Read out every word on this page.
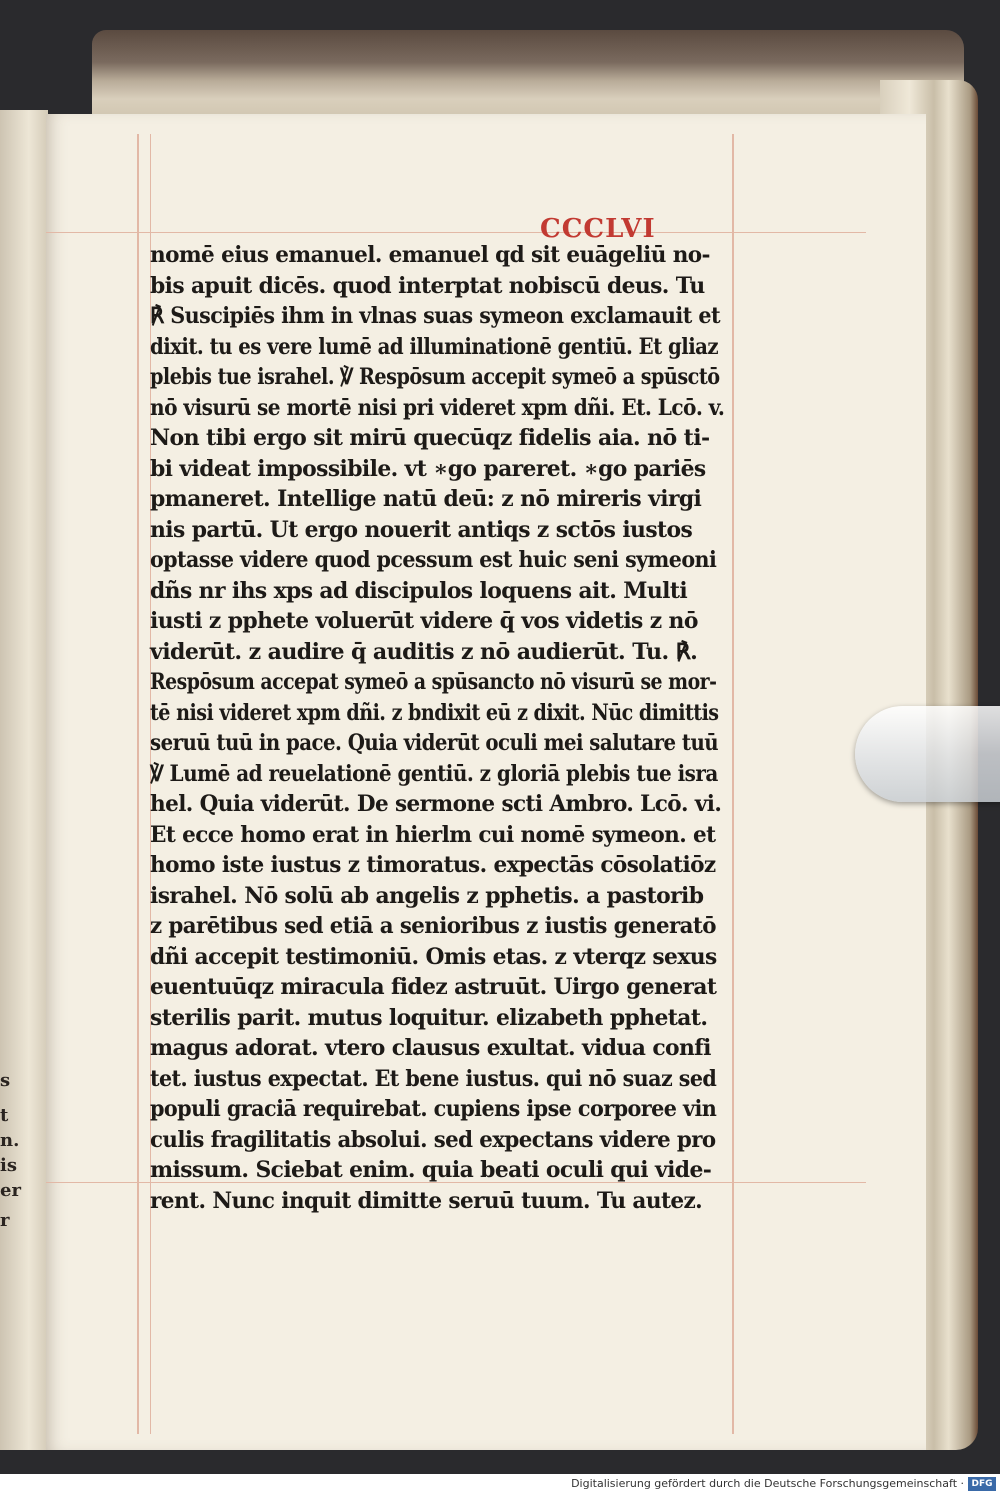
s
t
n.
is
er
r
CCCLVI
nomē eius emanuel. emanuel qd sit euāgeliū no-
bis apuit dicēs. quod interptat nobiscū deus. Tu
℟ Suscipiēs ihm in vlnas suas symeon exclamauit et
dixit. tu es vere lumē ad illuminationē gentiū. Et gliaz
plebis tue israhel. ℣ Respōsum accepit symeō a spūsctō
nō visurū se mortē nisi pri videret xpm dñi. Et. Lcō. v.
Non tibi ergo sit mirū quecūqz fidelis aia. nō ti-
bi videat impossibile. vt ∗go pareret. ∗go pariēs
pmaneret. Intellige natū deū: z nō mireris virgi
nis partū. Ut ergo nouerit antiqs z sctōs iustos
optasse videre quod pcessum est huic seni symeoni
dñs nr ihs xps ad discipulos loquens ait. Multi
iusti z pphete voluerūt videre q̄ vos videtis z nō
viderūt. z audire q̄ auditis z nō audierūt. Tu. ℟.
Respōsum accepat symeō a spūsancto nō visurū se mor-
tē nisi videret xpm dñi. z bndixit eū z dixit. Nūc dimittis
seruū tuū in pace. Quia viderūt oculi mei salutare tuū
℣ Lumē ad reuelationē gentiū. z gloriā plebis tue isra
hel. Quia viderūt. De sermone scti Ambro. Lcō. vi.
Et ecce homo erat in hierlm cui nomē symeon. et
homo iste iustus z timoratus. expectās cōsolatiōz
israhel. Nō solū ab angelis z pphetis. a pastorib
z parētibus sed etiā a senioribus z iustis generatō
dñi accepit testimoniū. Omis etas. z vterqz sexus
euentuūqz miracula fidez astruūt. Uirgo generat
sterilis parit. mutus loquitur. elizabeth pphetat.
magus adorat. vtero clausus exultat. vidua confi
tet. iustus expectat. Et bene iustus. qui nō suaz sed
populi graciā requirebat. cupiens ipse corporee vin
culis fragilitatis absolui. sed expectans videre pro
missum. Sciebat enim. quia beati oculi qui vide-
rent. Nunc inquit dimitte seruū tuum. Tu autez.
Digitalisierung gefördert durch die Deutsche Forschungsgemeinschaft · DFG
